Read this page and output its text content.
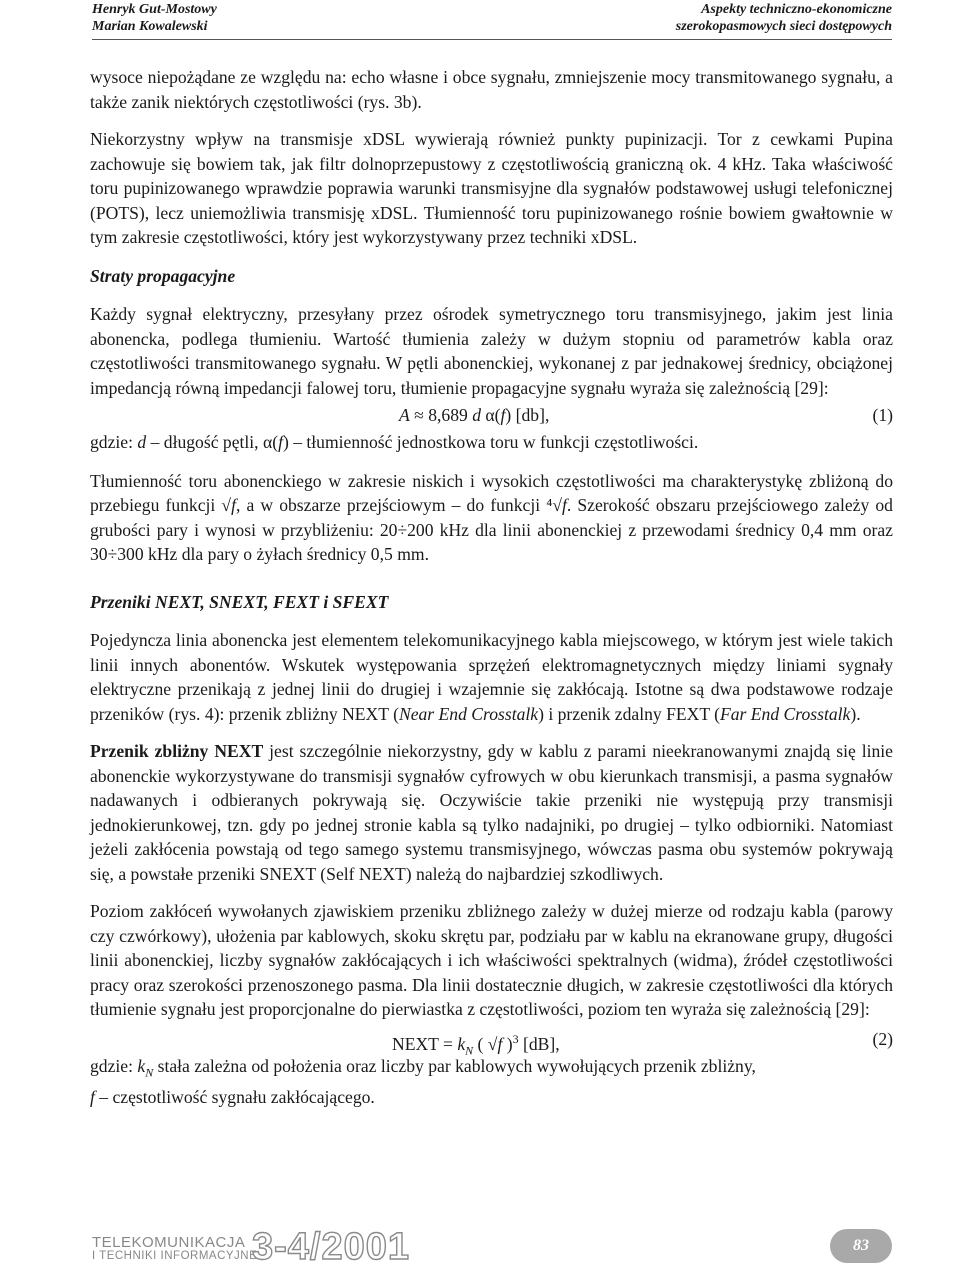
Henryk Gut-Mostowy
Marian Kowalewski
Aspekty techniczno-ekonomiczne
szerokopasmowych sieci dostępowych

wysoce niepożądane ze względu na: echo własne i obce sygnału, zmniejszenie mocy transmitowanego sygnału, a także zanik niektórych częstotliwości (rys. 3b).

Niekorzystny wpływ na transmisje xDSL wywierają również punkty pupinizacji. Tor z cewkami Pupina zachowuje się bowiem tak, jak filtr dolnoprzepustowy z częstotliwością graniczną ok. 4 kHz. Taka właściwość toru pupinizowanego wprawdzie poprawia warunki transmisyjne dla sygnałów podstawowej usługi telefonicznej (POTS), lecz uniemożliwia transmisję xDSL. Tłumienność toru pupinizowanego rośnie bowiem gwałtownie w tym zakresie częstotliwości, który jest wykorzystywany przez techniki xDSL.

Straty propagacyjne

Każdy sygnał elektryczny, przesyłany przez ośrodek symetrycznego toru transmisyjnego, jakim jest linia abonencka, podlega tłumieniu. Wartość tłumienia zależy w dużym stopniu od parametrów kabla oraz częstotliwości transmitowanego sygnału. W pętli abonenckiej, wykonanej z par jednakowej średnicy, obciążonej impedancją równą impedancji falowej toru, tłumienie propagacyjne sygnału wyraża się zależnością [29]:

A ≈ 8,689 d α(f) [db],	(1)

gdzie: d – długość pętli, α(f) – tłumienność jednostkowa toru w funkcji częstotliwości.

Tłumienność toru abonenckiego w zakresie niskich i wysokich częstotliwości ma charakterystykę zbliżoną do przebiegu funkcji √f, a w obszarze przejściowym – do funkcji ⁴√f. Szerokość obszaru przejściowego zależy od grubości pary i wynosi w przybliżeniu: 20÷200 kHz dla linii abonenckiej z przewodami średnicy 0,4 mm oraz 30÷300 kHz dla pary o żyłach średnicy 0,5 mm.

Przeniki NEXT, SNEXT, FEXT i SFEXT

Pojedyncza linia abonencka jest elementem telekomunikacyjnego kabla miejscowego, w którym jest wiele takich linii innych abonentów. Wskutek występowania sprzężeń elektromagnetycznych między liniami sygnały elektryczne przenikają z jednej linii do drugiej i wzajemnie się zakłócają. Istotne są dwa podstawowe rodzaje przeników (rys. 4): przenik zbliżny NEXT (Near End Crosstalk) i przenik zdalny FEXT (Far End Crosstalk).

Przenik zbliżny NEXT jest szczególnie niekorzystny, gdy w kablu z parami nieekranowanymi znajdą się linie abonenckie wykorzystywane do transmisji sygnałów cyfrowych w obu kierunkach transmisji, a pasma sygnałów nadawanych i odbieranych pokrywają się. Oczywiście takie przeniki nie występują przy transmisji jednokierunkowej, tzn. gdy po jednej stronie kabla są tylko nadajniki, po drugiej – tylko odbiorniki. Natomiast jeżeli zakłócenia powstają od tego samego systemu transmisyjnego, wówczas pasma obu systemów pokrywają się, a powstałe przeniki SNEXT (Self NEXT) należą do najbardziej szkodliwych.

Poziom zakłóceń wywołanych zjawiskiem przeniku zbliżnego zależy w dużej mierze od rodzaju kabla (parowy czy czwórkowy), ułożenia par kablowych, skoku skrętu par, podziału par w kablu na ekranowane grupy, długości linii abonenckiej, liczby sygnałów zakłócających i ich właściwości spektralnych (widma), źródeł częstotliwości pracy oraz szerokości przenoszonego pasma. Dla linii dostatecznie długich, w zakresie częstotliwości dla których tłumienie sygnału jest proporcjonalne do pierwiastka z częstotliwości, poziom ten wyraża się zależnością [29]:

NEXT = $k_N$ ( √f )$^3$ [dB],	(2)

gdzie: $k_N$ stała zależna od położenia oraz liczby par kablowych wywołujących przenik zbliżny,
f – częstotliwość sygnału zakłócającego.

TELEKOMUNIKACJA
I TECHNIKI INFORMACYJNE
3-4/2001	83
